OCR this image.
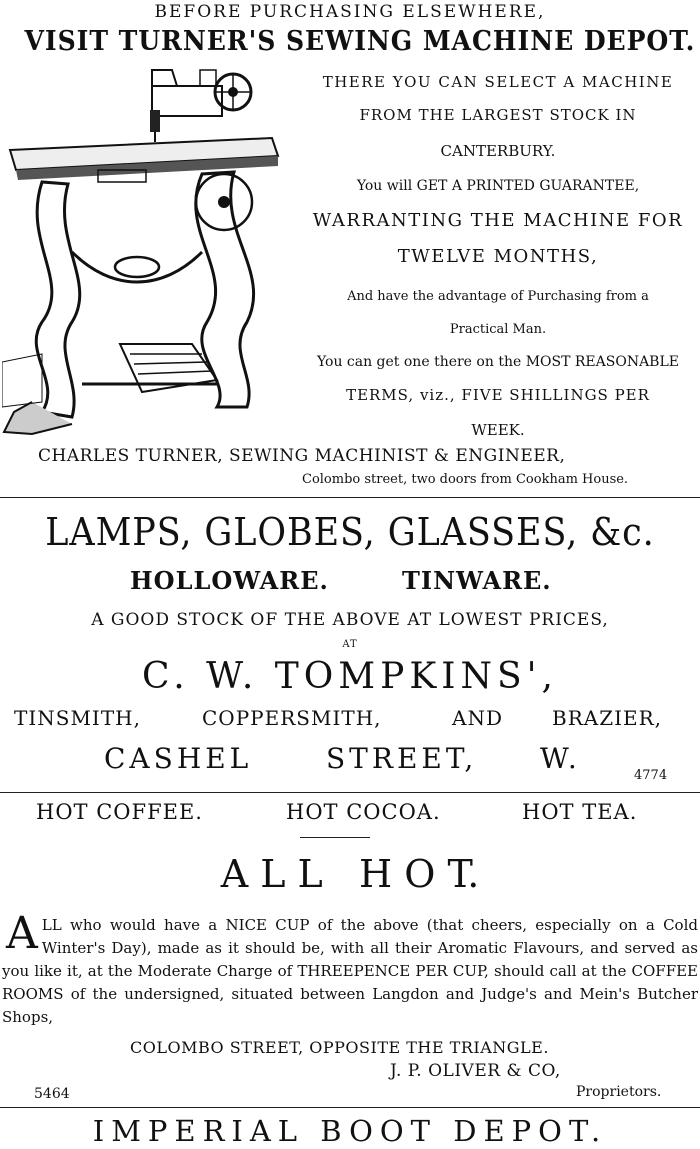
BEFORE PURCHASING ELSEWHERE,
VISIT TURNER'S SEWING MACHINE DEPOT.
THERE YOU CAN SELECT A MACHINE
FROM THE LARGEST STOCK IN
CANTERBURY.
You will GET A PRINTED GUARANTEE,
WARRANTING THE MACHINE FOR
TWELVE MONTHS,
And have the advantage of Purchasing from a
Practical Man.
You can get one there on the MOST REASONABLE
TERMS, viz., FIVE SHILLINGS PER
WEEK.
CHARLES TURNER, SEWING MACHINIST & ENGINEER,
Colombo street, two doors from Cookham House.
LAMPS, GLOBES, GLASSES, &c.
HOLLOWARE.	TINWARE.
A GOOD STOCK OF THE ABOVE AT LOWEST PRICES,
AT
C. W. TOMPKINS',
TINSMITH,	COPPERSMITH,	AND BRAZIER,
CASHEL	STREET, W.
4774
HOT COFFEE.	HOT COCOA.	HOT TEA.
A L L   H O T.
ALL who would have a NICE CUP of the above (that cheers, especially on a Cold Winter's Day), made as it should be, with all their Aromatic Flavours, and served as you like it, at the Moderate Charge of THREEPENCE PER CUP, should call at the COFFEE ROOMS of the undersigned, situated between Langdon and Judge's and Mein's Butcher Shops,
COLOMBO STREET, OPPOSITE THE TRIANGLE.
J. P. OLIVER & CO,
5464	Proprietors.
IMPERIAL BOOT DEPOT.
